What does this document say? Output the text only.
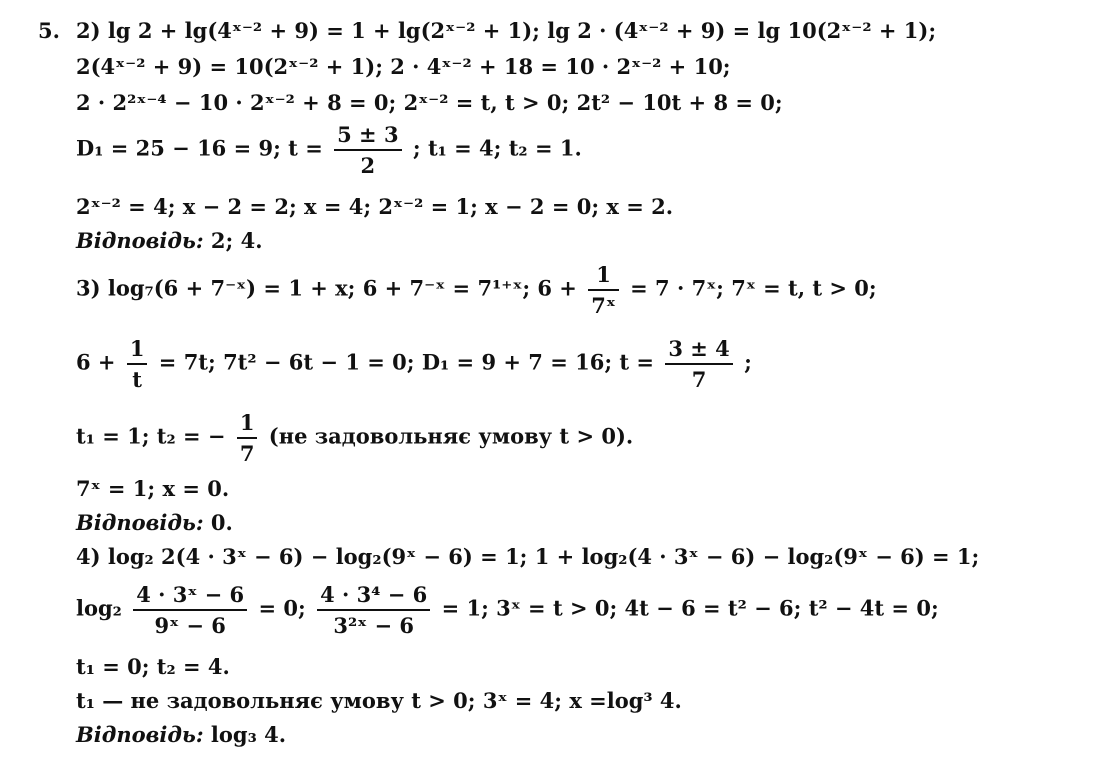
5. 2) lg 2 + lg(4ˣ⁻² + 9) = 1 + lg(2ˣ⁻² + 1); lg 2 · (4ˣ⁻² + 9) = lg 10(2ˣ⁻² + 1);
2(4ˣ⁻² + 9) = 10(2ˣ⁻² + 1); 2 · 4ˣ⁻² + 18 = 10 · 2ˣ⁻² + 10;
2 · 2²ˣ⁻⁴ − 10 · 2ˣ⁻² + 8 = 0; 2ˣ⁻² = t, t > 0; 2t² − 10t + 8 = 0;
D₁ = 25 − 16 = 9; $t = \frac{5 \pm 3}{2}$ ; t₁ = 4; t₂ = 1.
2ˣ⁻² = 4; x − 2 = 2; x = 4; 2ˣ⁻² = 1; x − 2 = 0; x = 2.
Відповідь: 2; 4.
3) log₇(6 + 7⁻ˣ) = 1 + x; 6 + 7⁻ˣ = 7¹⁺ˣ; $6 + \frac{1}{\text{7ˣ}} = 7$ · 7ˣ; 7ˣ = t, t > 0;
$6 + \frac{1}{t} = 7t$; 7t² − 6t − 1 = 0; D₁ = 9 + 7 = 16; $t = \frac{3 \pm 4}{7}$ ;
t₁ = 1; t₂ = − $\frac{1}{7} (не$ задовольняє умову t > 0).
7ˣ = 1; x = 0.
Відповідь: 0.
4) log₂ 2(4 · 3ˣ − 6) − log₂(9ˣ − 6) = 1; 1 + log₂(4 · 3ˣ − 6) − log₂(9ˣ − 6) = 1;
$\log_2 \frac{\text{4 · 3ˣ − 6}}{\text{9ˣ − 6}} = 0$; $\frac{\text{4 · 3⁴ − 6}}{\text{3²ˣ − 6}} = 1$; 3ˣ = t > 0; 4t − 6 = t² − 6; t² − 4t = 0;
t₁ = 0; t₂ = 4.
t₁ — не задовольняє умову t > 0; 3ˣ = 4; x =log³ 4.
Відповідь: log₃ 4.
